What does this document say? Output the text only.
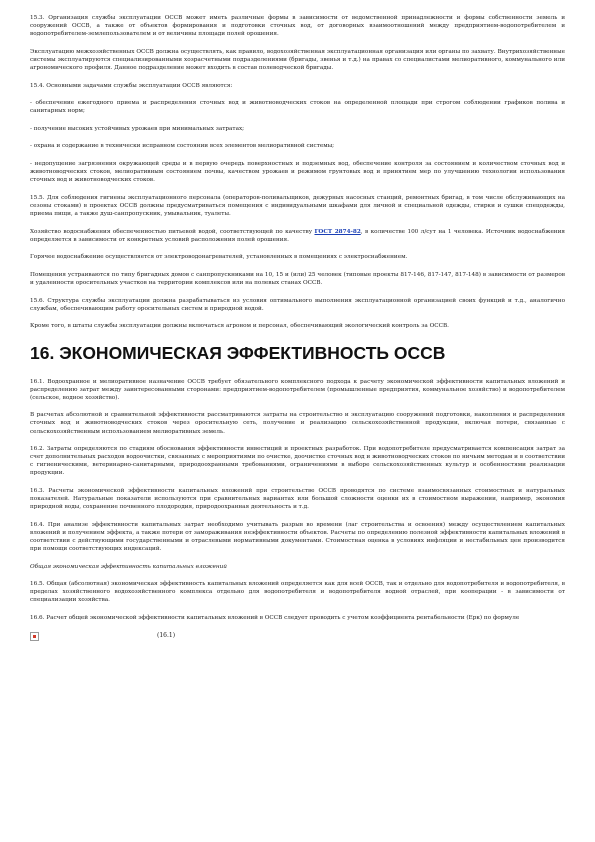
15.3. Организация службы эксплуатации ОССВ может иметь различные формы в зависимости от ведомственной принадлежности и формы собственности земель и сооружений ОССВ, а также от объектов формирования и подготовки сточных вод, от договорных взаимоотношений между предприятием-водопотребителем и водопотребителем-землепользователем и от величины площади полей орошения.

Эксплуатацию межхозяйственных ОССВ должна осуществлять, как правило, водохозяйственная эксплуатационная организация или органы по захвату. Внутрихозяйственные системы эксплуатируются специализированными хозрасчетными подразделениями (бригады, звенья и т.д.) на правах со специалистами мелиоративного, коммунального или агрономического профиля. Данное подразделение может входить в состав полеводческой бригады.

15.4. Основными задачами службы эксплуатации ОССВ являются:

- обеспечение ежегодного приема и распределения сточных вод и животноводческих стоков на определенной площади при строгом соблюдении графиков полива и санитарных норм;

- получение высоких устойчивых урожаев при минимальных затратах;

- охрана и содержание в технически исправном состоянии всех элементов мелиоративной системы;

- недопущение загрязнения окружающей среды и в первую очередь поверхностных и подземных вод, обеспечение контроля за состоянием и количеством сточных вод и животноводческих стоков, мелиоративным состоянием почвы, качеством урожаев и режимом грунтовых вод и принятием мер по улучшению технологии использования сточных вод и животноводческих стоков.

15.5. Для соблюдения гигиены эксплуатационного персонала (операторов-поливальщиков, дежурных насосных станций, ремонтных бригад, в том числе обслуживающих на сезоны стоками) в проектах ОССВ должны предусматриваться помещения с индивидуальными шкафами для личной и специальной одежды, стирки и сушки спецодежды, приема пищи, а также душ-санпропускник, умывальник, туалеты.

Хозяйство водоснабжения обеспеченностью питьевой водой, соответствующей по качеству ГОСТ 2874-82, в количестве 100 л/сут на 1 человека. Источник водоснабжения определяется в зависимости от конкретных условий расположения полей орошения.

Горячее водоснабжение осуществляется от электроводонагревателей, установленных в помещениях с электроснабжением.

Помещения устраиваются по типу бригадных домов с санпропускниками на 10, 15 и (или) 25 человек (типовые проекты 817-146, 817-147, 817-148) в зависимости от размеров и удаленности оросительных участков на территории комплексов или на полевых станах ОССВ.

15.6. Структура службы эксплуатации должна разрабатываться из условия оптимального выполнения эксплуатационной организацией своих функций и т.д., аналогично службам, обеспечивающим работу оросительных систем и природной водой.

Кроме того, в штаты службы эксплуатации должны включаться агроном и персонал, обеспечивающий экологический контроль за ОССВ.

16. ЭКОНОМИЧЕСКАЯ ЭФФЕКТИВНОСТЬ ОССВ

16.1. Водоохранное и мелиоративное назначение ОССВ требует обязательного комплексного подхода к расчету экономической эффективности капитальных вложений и распределению затрат между заинтересованными сторонами: предприятием-водопотребителем (промышленные предприятия, коммунальное хозяйство) и водопотребителем (сельское, водное хозяйство).

В расчетах абсолютной и сравнительной эффективности рассматриваются затраты на строительство и эксплуатацию сооружений подготовки, накопления и распределения сточных вод и животноводческих стоков через оросительную сеть, получение и реализацию сельскохозяйственной продукции, включая потери, связанные с сельскохозяйственным использованием мелиоративных земель.

16.2. Затраты определяются по стадиям обоснования эффективности инвестиций и проектных разработок. При водопотребителе предусматривается компенсация затрат за счет дополнительных расходов водоочистки, связанных с мероприятиями по очистке, доочистке сточных вод и животноводческих стоков по ничьим методам и в соответствии с гигиеническими, ветеринарно-санитарными, природоохранными требованиями, ограничениями в выборе сельскохозяйственных культур и особенностями реализации продукции.

16.3. Расчеты экономической эффективности капитальных вложений при строительстве ОССВ проводятся по системе взаимосвязанных стоимостных и натуральных показателей. Натуральные показатели используются при сравнительных вариантах или большой сложности оценки их в стоимостном выражении, например, экономия природной воды, сохранение почвенного плодородия, природоохранная деятельность и т.д.

16.4. При анализе эффективности капитальных затрат необходимо учитывать разрыв во времени (лаг строительства и освоения) между осуществлением капитальных вложений и получением эффекта, а также потери от замораживания неэффективности объектов. Расчеты по определению полезной эффективности капитальных вложений в соответствии с действующими государственными и отраслевыми нормативными документами. Стоимостная оценка в условиях инфляции и нестабильных цен производится при помощи соответствующих индексаций.

Общая экономическая эффективность капитальных вложений

16.5. Общая (абсолютная) экономическая эффективность капитальных вложений определяется как для всей ОССВ, так и отдельно для водопотребителя и водопотребителя, в пределах хозяйственного водохозяйственного комплекса отдельно для водопотребителя и водопотребителя водной отраслей, при кооперации - в зависимости от специализации хозяйства.

16.6. Расчет общей экономической эффективности капитальных вложений в ОССВ следует проводить с учетом коэффициента рентабельности (Ерк) по формуле

(16.1)
